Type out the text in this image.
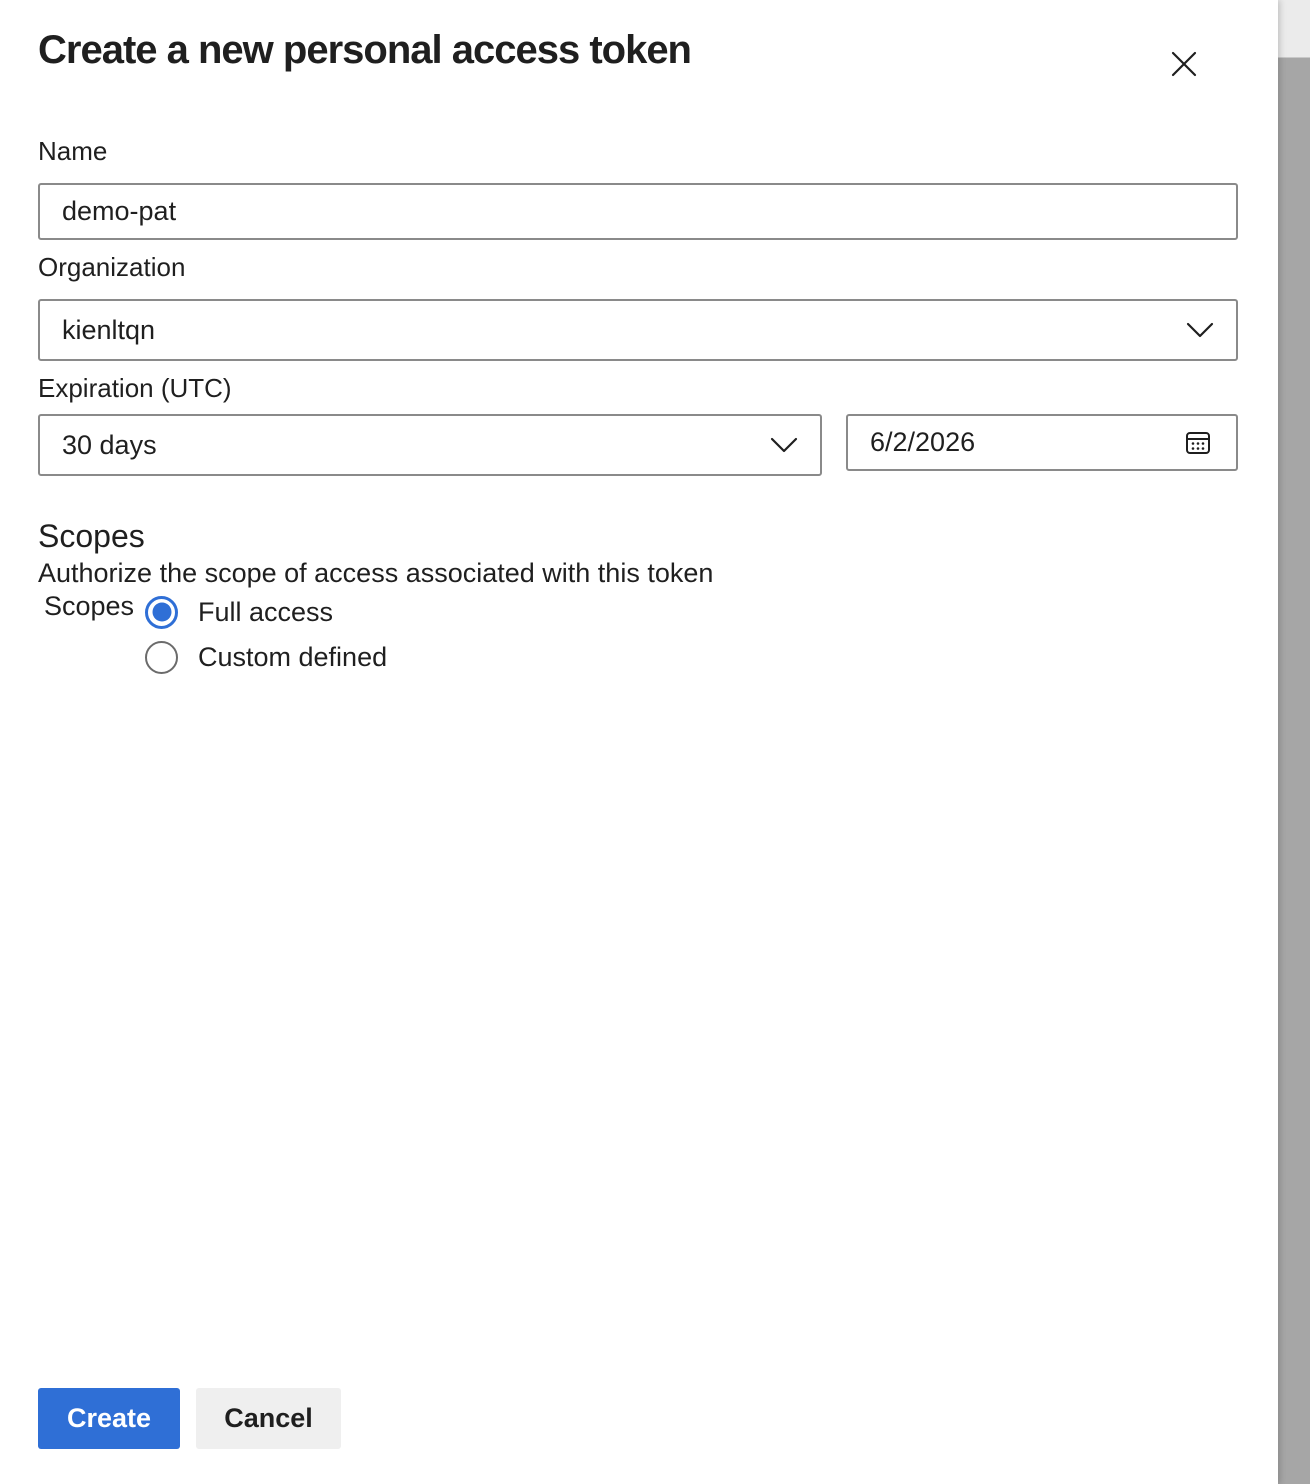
Create a new personal access token
Name
demo-pat
Organization
kienltqn
Expiration (UTC)
30 days	6/2/2026
Scopes
Authorize the scope of access associated with this token
Scopes Full access
Custom defined
Create	Cancel
